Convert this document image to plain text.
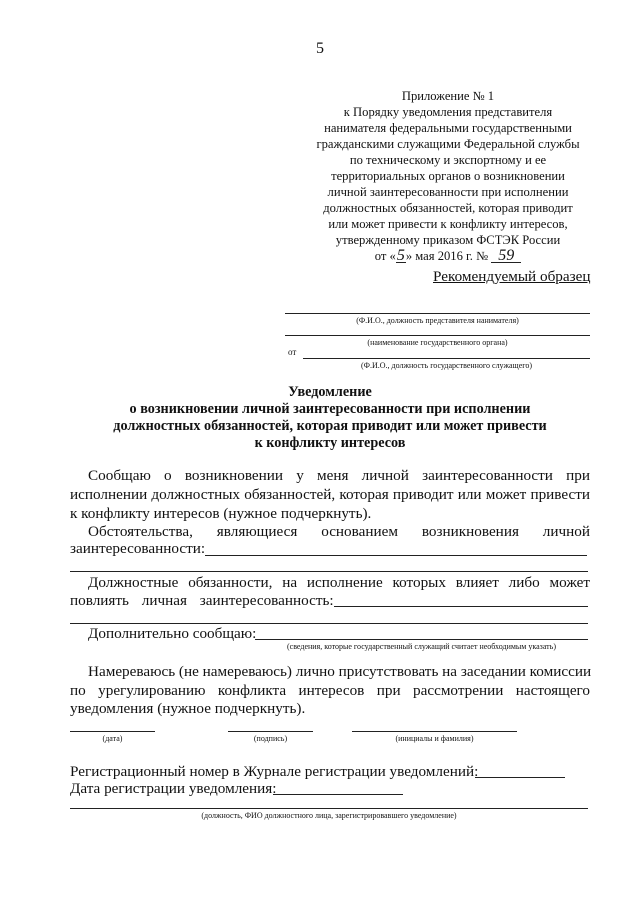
5
Приложение № 1
к Порядку уведомления представителя
нанимателя федеральными государственными
гражданскими служащими Федеральной службы
по техническому и экспортному и ее
территориальных органов о возникновении
личной заинтересованности при исполнении
должностных обязанностей, которая приводит
или может привести к конфликту интересов,
утвержденному приказом ФСТЭК России
от «5» мая 2016 г. № 59
Рекомендуемый образец
(Ф.И.О., должность представителя нанимателя)
(наименование государственного органа)
от
(Ф.И.О., должность государственного служащего)
Уведомление
о возникновении личной заинтересованности при исполнении
должностных обязанностей, которая приводит или может привести
к конфликту интересов
Сообщаю о возникновении у меня личной заинтересованности при
исполнении должностных обязанностей, которая приводит или может привести
к конфликту интересов (нужное подчеркнуть).
Обстоятельства, являющиеся основанием возникновения личной
заинтересованности:
Должностные обязанности, на исполнение которых влияет либо может
повлиять личная заинтересованность:
Дополнительно сообщаю:
(сведения, которые государственный служащий считает необходимым указать)
Намереваюсь (не намереваюсь) лично присутствовать на заседании комиссии
по урегулированию конфликта интересов при рассмотрении настоящего
уведомления (нужное подчеркнуть).
(дата)	(подпись)	(инициалы и фамилия)
Регистрационный номер в Журнале регистрации уведомлений:
Дата регистрации уведомления:
(должность, ФИО должностного лица, зарегистрировавшего уведомление)
